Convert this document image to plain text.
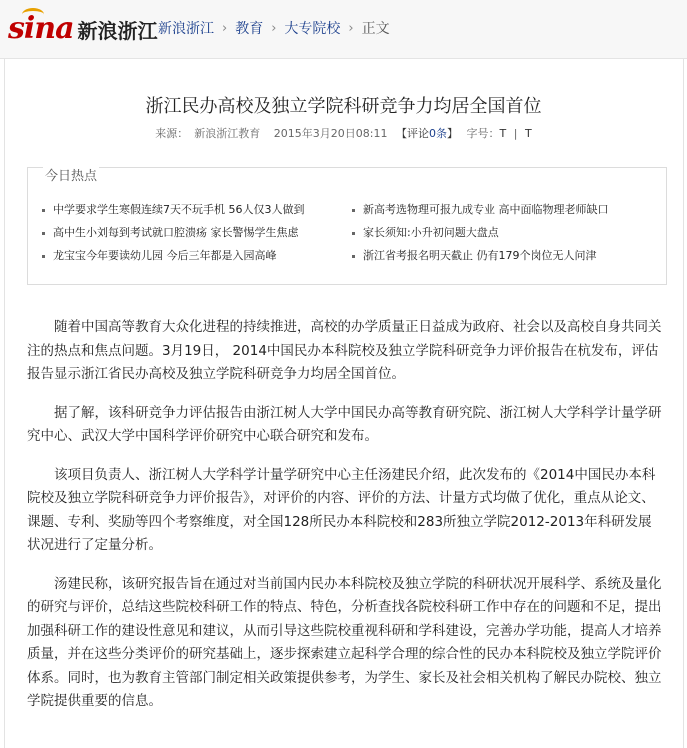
sina 新浪浙江 新浪浙江 › 教育 › 大专院校 › 正文
浙江民办高校及独立学院科研竞争力均居全国首位
来源： 新浪浙江教育 2015年3月20日08:11 【评论0条】 字号：T | T
今日热点
中学要求学生寒假连续7天不玩手机 56人仅3人做到	新高考选物理可报九成专业 高中面临物理老师缺口
高中生小刘每到考试就口腔溃疡 家长警惕学生焦虑	家长须知:小升初问题大盘点
龙宝宝今年要读幼儿园 今后三年都是入园高峰	浙江省考报名明天截止 仍有179个岗位无人问津

随着中国高等教育大众化进程的持续推进，高校的办学质量正日益成为政府、社会以及高校自身共同关注的热点和焦点问题。3月19日， 2014中国民办本科院校及独立学院科研竞争力评价报告在杭发布，评估报告显示浙江省民办高校及独立学院科研竞争力均居全国首位。

据了解，该科研竞争力评估报告由浙江树人大学中国民办高等教育研究院、浙江树人大学科学计量学研究中心、武汉大学中国科学评价研究中心联合研究和发布。

该项目负责人、浙江树人大学科学计量学研究中心主任汤建民介绍，此次发布的《2014中国民办本科院校及独立学院科研竞争力评价报告》，对评价的内容、评价的方法、计量方式均做了优化，重点从论文、课题、专利、奖励等四个考察维度，对全国128所民办本科院校和283所独立学院2012-2013年科研发展状况进行了定量分析。

汤建民称，该研究报告旨在通过对当前国内民办本科院校及独立学院的科研状况开展科学、系统及量化的研究与评价，总结这些院校科研工作的特点、特色，分析查找各院校科研工作中存在的问题和不足，提出加强科研工作的建设性意见和建议，从而引导这些院校重视科研和学科建设，完善办学功能，提高人才培养质量，并在这些分类评价的研究基础上，逐步探索建立起科学合理的综合性的民办本科院校及独立学院评价体系。同时，也为教育主管部门制定相关政策提供参考，为学生、家长及社会相关机构了解民办院校、独立学院提供重要的信息。
